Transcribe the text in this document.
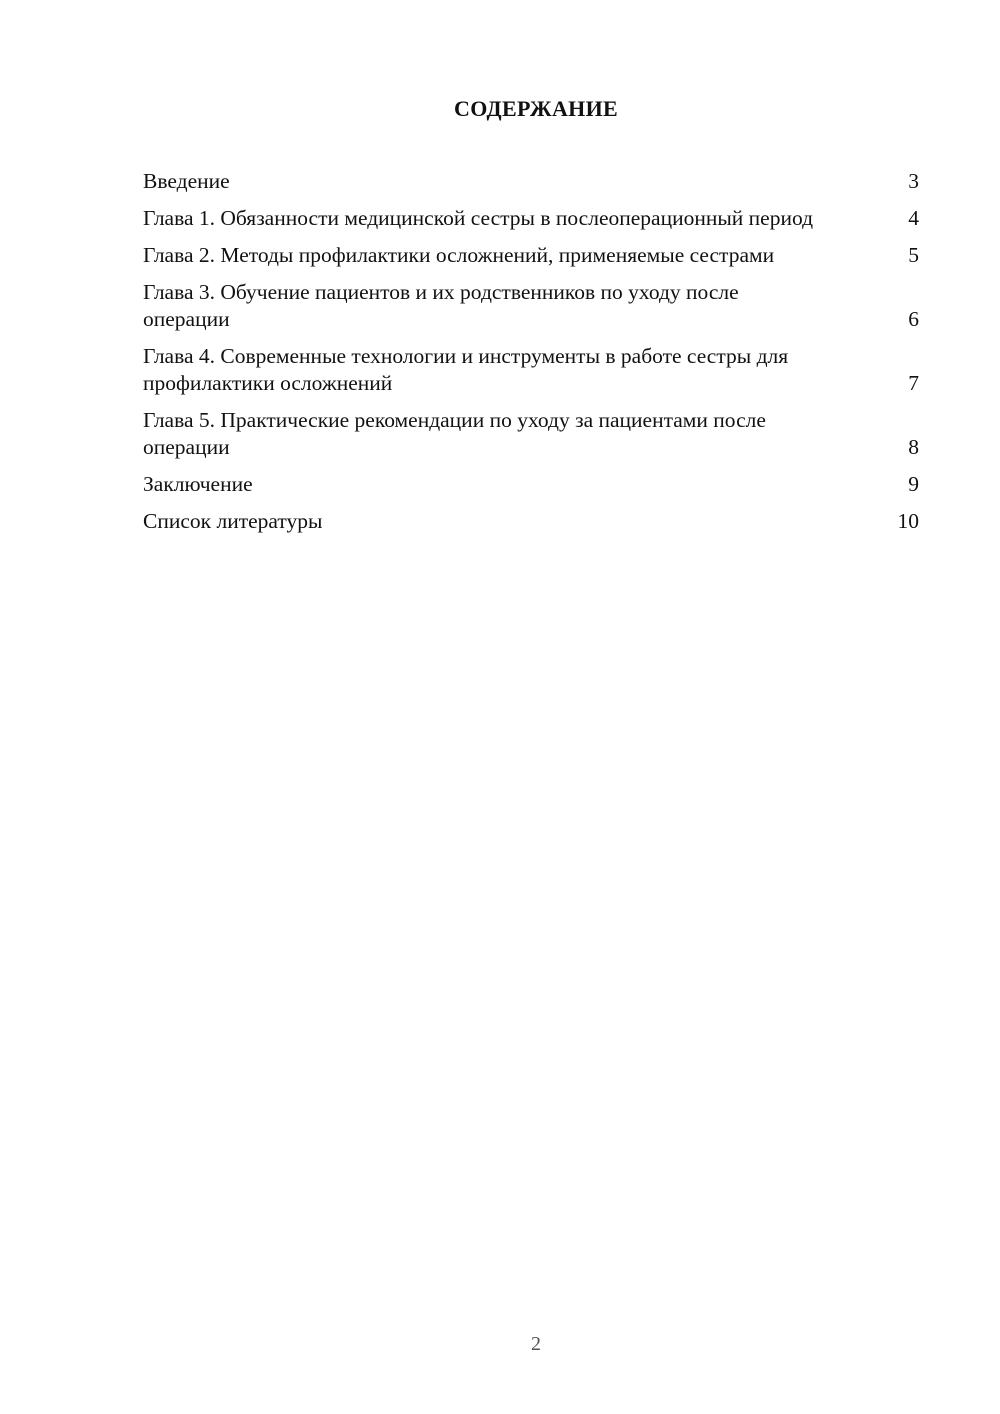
СОДЕРЖАНИЕ
Введение	3
Глава 1. Обязанности медицинской сестры в послеоперационный период	4
Глава 2. Методы профилактики осложнений, применяемые сестрами	5
Глава 3. Обучение пациентов и их родственников по уходу после операции	6
Глава 4. Современные технологии и инструменты в работе сестры для профилактики осложнений	7
Глава 5. Практические рекомендации по уходу за пациентами после операции	8
Заключение	9
Список литературы	10
2
